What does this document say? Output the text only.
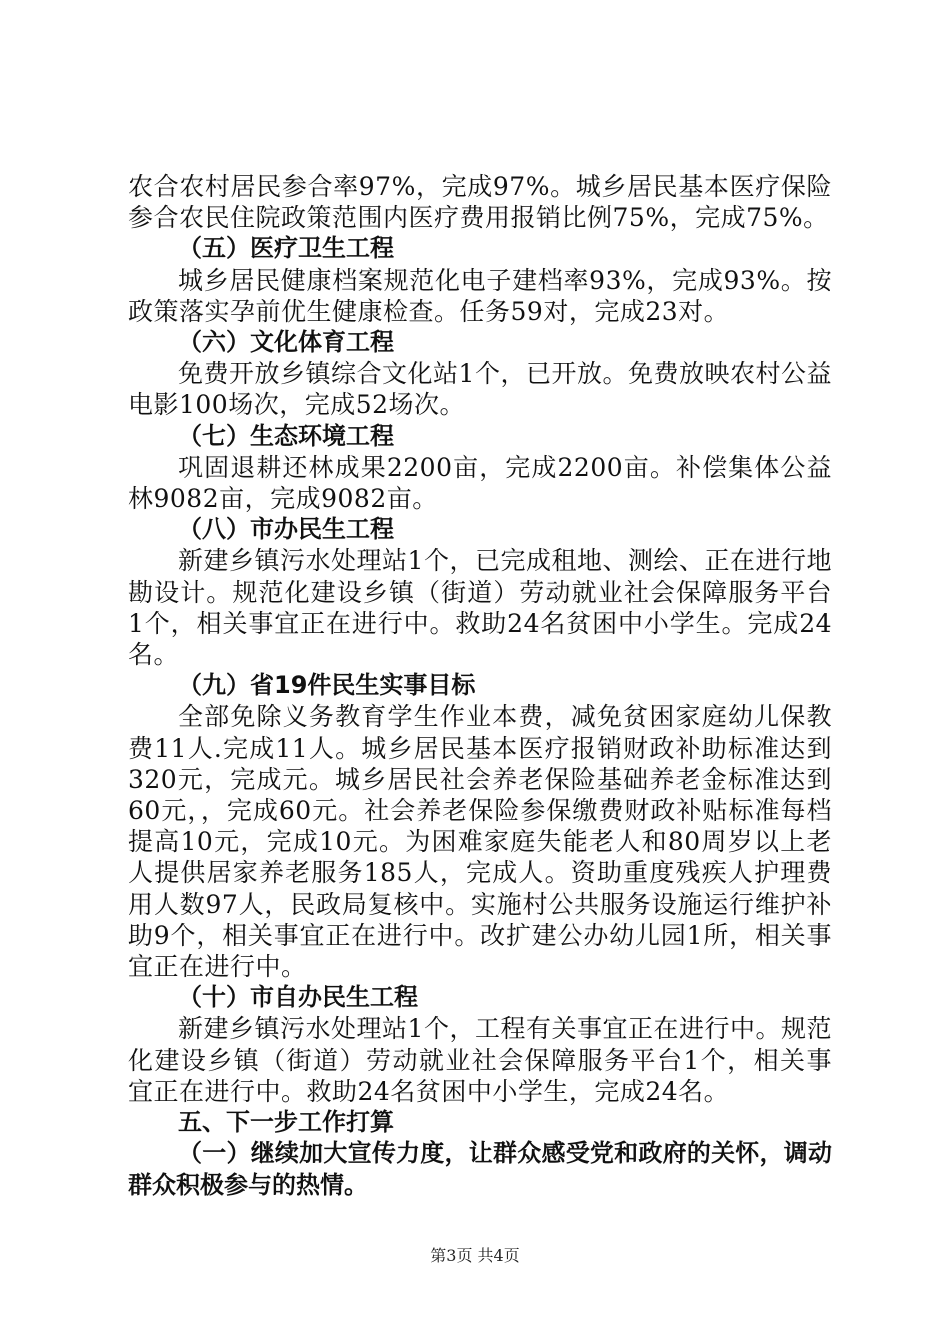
农合农村居民参合率97%，完成97%。城乡居民基本医疗保险参合农民住院政策范围内医疗费用报销比例75%，完成75%。

（五）医疗卫生工程

城乡居民健康档案规范化电子建档率93%，完成93%。按政策落实孕前优生健康检查。任务59对，完成23对。

（六）文化体育工程

免费开放乡镇综合文化站1个，已开放。免费放映农村公益电影100场次，完成52场次。

（七）生态环境工程

巩固退耕还林成果2200亩，完成2200亩。补偿集体公益林9082亩，完成9082亩。

（八）市办民生工程

新建乡镇污水处理站1个，已完成租地、测绘、正在进行地勘设计。规范化建设乡镇（街道）劳动就业社会保障服务平台1个，相关事宜正在进行中。救助24名贫困中小学生。完成24名。

（九）省19件民生实事目标

全部免除义务教育学生作业本费，减免贫困家庭幼儿保教费11人.完成11人。城乡居民基本医疗报销财政补助标准达到320元，完成元。城乡居民社会养老保险基础养老金标准达到60元，，完成60元。社会养老保险参保缴费财政补贴标准每档提高10元，完成10元。为困难家庭失能老人和80周岁以上老人提供居家养老服务185人，完成人。资助重度残疾人护理费用人数97人，民政局复核中。实施村公共服务设施运行维护补助9个，相关事宜正在进行中。改扩建公办幼儿园1所，相关事宜正在进行中。

（十）市自办民生工程

新建乡镇污水处理站1个，工程有关事宜正在进行中。规范化建设乡镇（街道）劳动就业社会保障服务平台1个，相关事宜正在进行中。救助24名贫困中小学生，完成24名。

五、下一步工作打算

（一）继续加大宣传力度，让群众感受党和政府的关怀，调动群众积极参与的热情。

第3页 共4页
